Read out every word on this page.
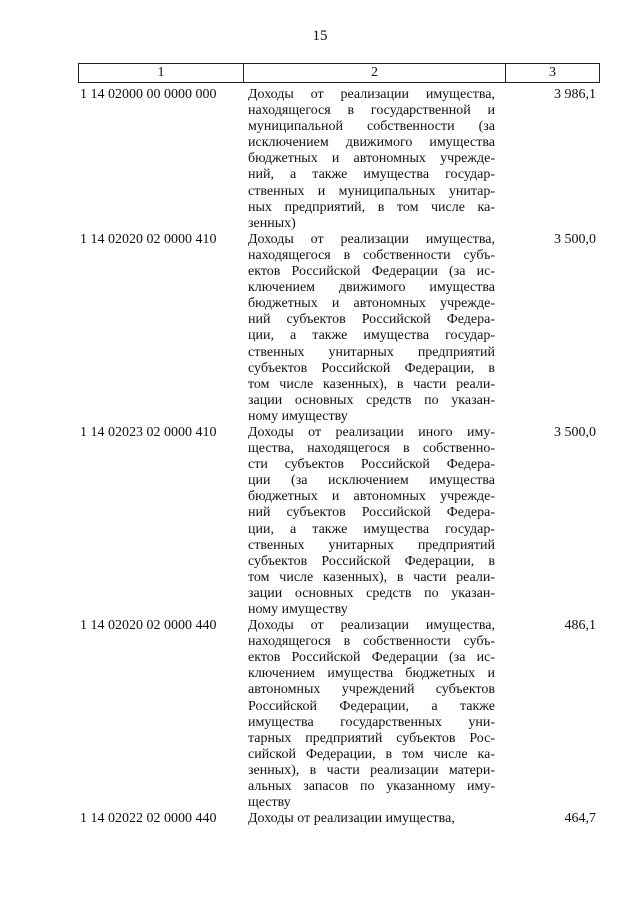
15
1	2	3
1 14 02000 00 0000 000	Доходы от реализации имущества,
находящегося в государственной и
муниципальной собственности (за
исключением движимого имущества
бюджетных и автономных учрежде-
ний, а также имущества государ-
ственных и муниципальных унитар-
ных предприятий, в том числе ка-
зенных)
3 986,1
1 14 02020 02 0000 410	Доходы от реализации имущества,
находящегося в собственности субъ-
ектов Российской Федерации (за ис-
ключением движимого имущества
бюджетных и автономных учрежде-
ний субъектов Российской Федера-
ции, а также имущества государ-
ственных унитарных предприятий
субъектов Российской Федерации, в
том числе казенных), в части реали-
зации основных средств по указан-
ному имуществу
3 500,0
1 14 02023 02 0000 410	Доходы от реализации иного иму-
щества, находящегося в собственно-
сти субъектов Российской Федера-
ции (за исключением имущества
бюджетных и автономных учрежде-
ний субъектов Российской Федера-
ции, а также имущества государ-
ственных унитарных предприятий
субъектов Российской Федерации, в
том числе казенных), в части реали-
зации основных средств по указан-
ному имуществу
3 500,0
1 14 02020 02 0000 440	Доходы от реализации имущества,
находящегося в собственности субъ-
ектов Российской Федерации (за ис-
ключением имущества бюджетных и
автономных учреждений субъектов
Российской Федерации, а также
имущества государственных уни-
тарных предприятий субъектов Рос-
сийской Федерации, в том числе ка-
зенных), в части реализации матери-
альных запасов по указанному иму-
ществу
486,1
1 14 02022 02 0000 440	Доходы от реализации имущества,	464,7
